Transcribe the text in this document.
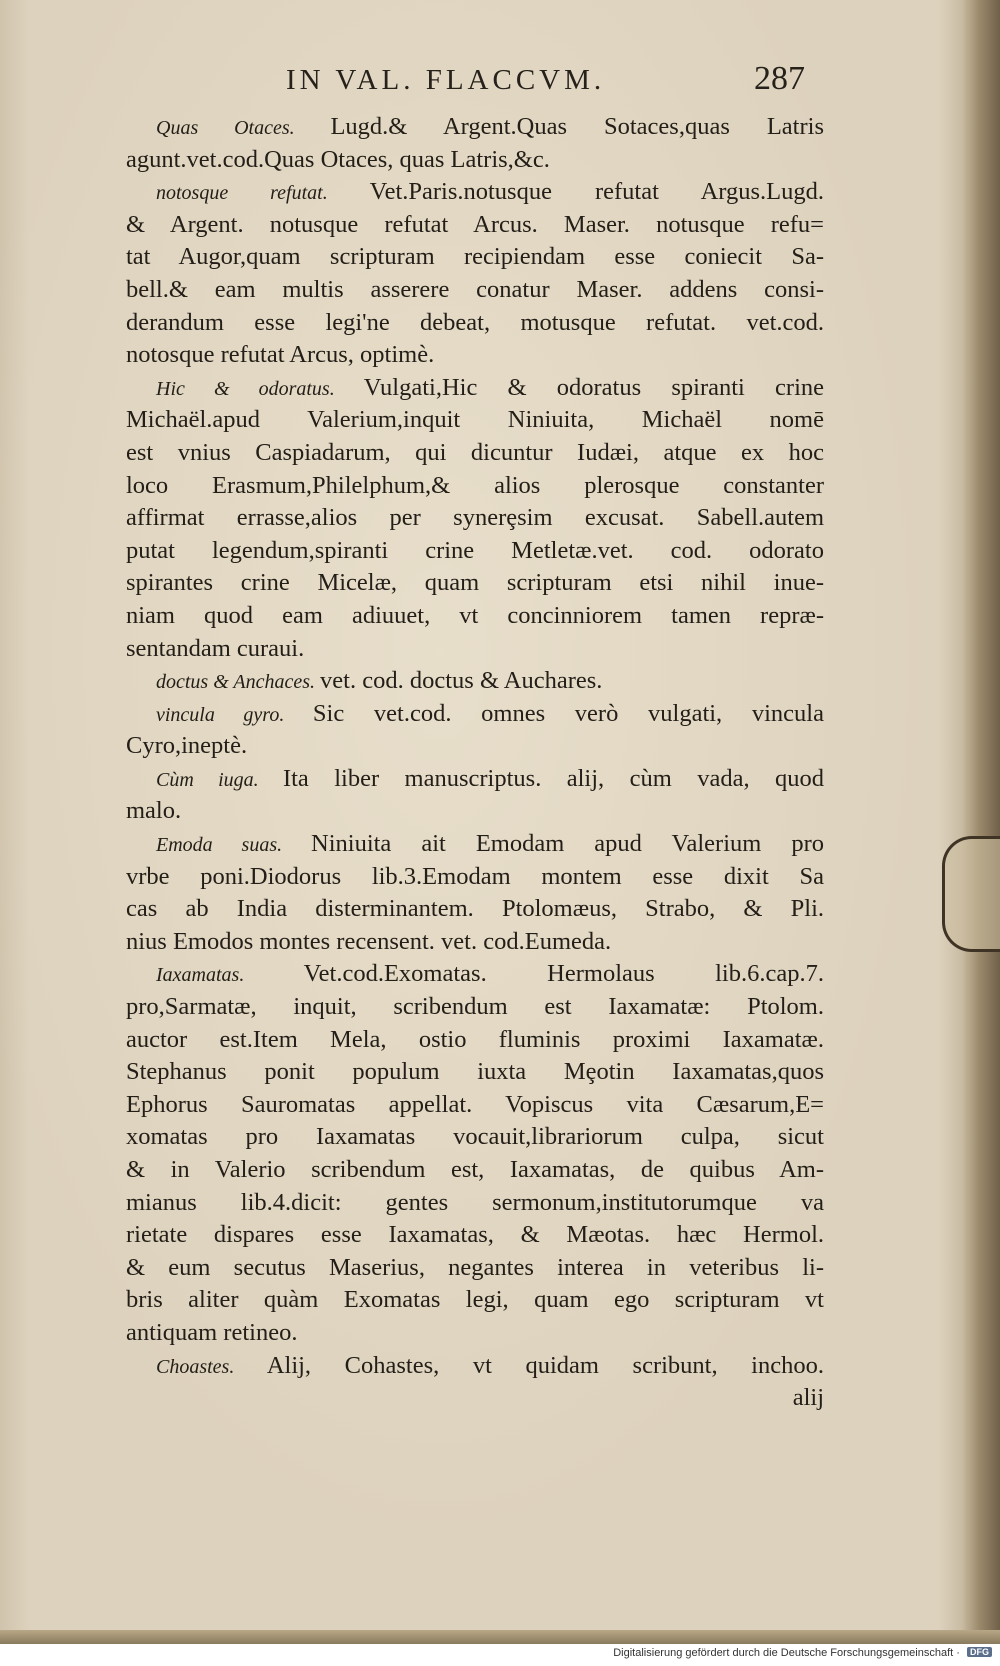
IN VAL. FLACCVM.	287
Quas Otaces. Lugd.& Argent.Quas Sotaces,quas Latris
agunt.vet.cod.Quas Otaces, quas Latris,&c.
notosque refutat. Vet.Paris.notusque refutat Argus.Lugd.
& Argent. notusque refutat Arcus. Maser. notusque refu=
tat Augor,quam scripturam recipiendam esse coniecit Sa-
bell.& eam multis asserere conatur Maser. addens consi-
derandum esse legi'ne debeat, motusque refutat. vet.cod.
notosque refutat Arcus, optimè.
Hic & odoratus. Vulgati,Hic & odoratus spiranti crine
Michaël.apud Valerium,inquit Niniuita, Michaël nomē
est vnius Caspiadarum, qui dicuntur Iudæi, atque ex hoc
loco Erasmum,Philelphum,& alios plerosque constanter
affirmat errasse,alios per synerȩsim excusat. Sabell.autem
putat legendum,spiranti crine Metletæ.vet. cod. odorato
spirantes crine Micelæ, quam scripturam etsi nihil inue-
niam quod eam adiuuet, vt concinniorem tamen repræ-
sentandam curaui.
doctus & Anchaces. vet. cod. doctus & Auchares.
vincula gyro. Sic vet.cod. omnes verò vulgati, vincula
Cyro,ineptè.
Cùm iuga. Ita liber manuscriptus. alij, cùm vada, quod
malo.
Emoda suas. Niniuita ait Emodam apud Valerium pro
vrbe poni.Diodorus lib.3.Emodam montem esse dixit Sa
cas ab India disterminantem. Ptolomæus, Strabo, & Pli.
nius Emodos montes recensent. vet. cod.Eumeda.
Iaxamatas. Vet.cod.Exomatas. Hermolaus lib.6.cap.7.
pro,Sarmatæ, inquit, scribendum est Iaxamatæ: Ptolom.
auctor est.Item Mela, ostio fluminis proximi Iaxamatæ.
Stephanus ponit populum iuxta Mȩotin Iaxamatas,quos
Ephorus Sauromatas appellat. Vopiscus vita Cæsarum,E=
xomatas pro Iaxamatas vocauit,librariorum culpa, sicut
& in Valerio scribendum est, Iaxamatas, de quibus Am-
mianus lib.4.dicit: gentes sermonum,institutorumque va
rietate dispares esse Iaxamatas, & Mæotas. hæc Hermol.
& eum secutus Maserius, negantes interea in veteribus li-
bris aliter quàm Exomatas legi, quam ego scripturam vt
antiquam retineo.
Choastes. Alij, Cohastes, vt quidam scribunt, inchoo.
alij
Digitalisierung gefördert durch die Deutsche Forschungsgemeinschaft · DFG
